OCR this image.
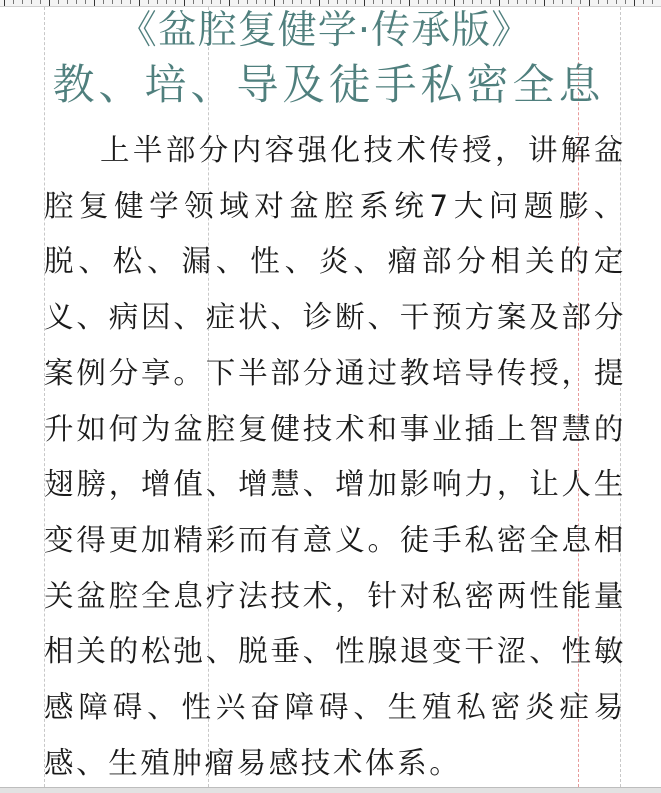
《盆腔复健学·传承版》
教、培、导及徒手私密全息
上半部分内容强化技术传授，讲解盆腔复健学领域对盆腔系统7大问题膨、脱、松、漏、性、炎、瘤部分相关的定义、病因、症状、诊断、干预方案及部分案例分享。下半部分通过教培导传授，提升如何为盆腔复健技术和事业插上智慧的翅膀，增值、增慧、增加影响力，让人生变得更加精彩而有意义。徒手私密全息相关盆腔全息疗法技术，针对私密两性能量相关的松弛、脱垂、性腺退变干涩、性敏感障碍、性兴奋障碍、生殖私密炎症易感、生殖肿瘤易感技术体系。
